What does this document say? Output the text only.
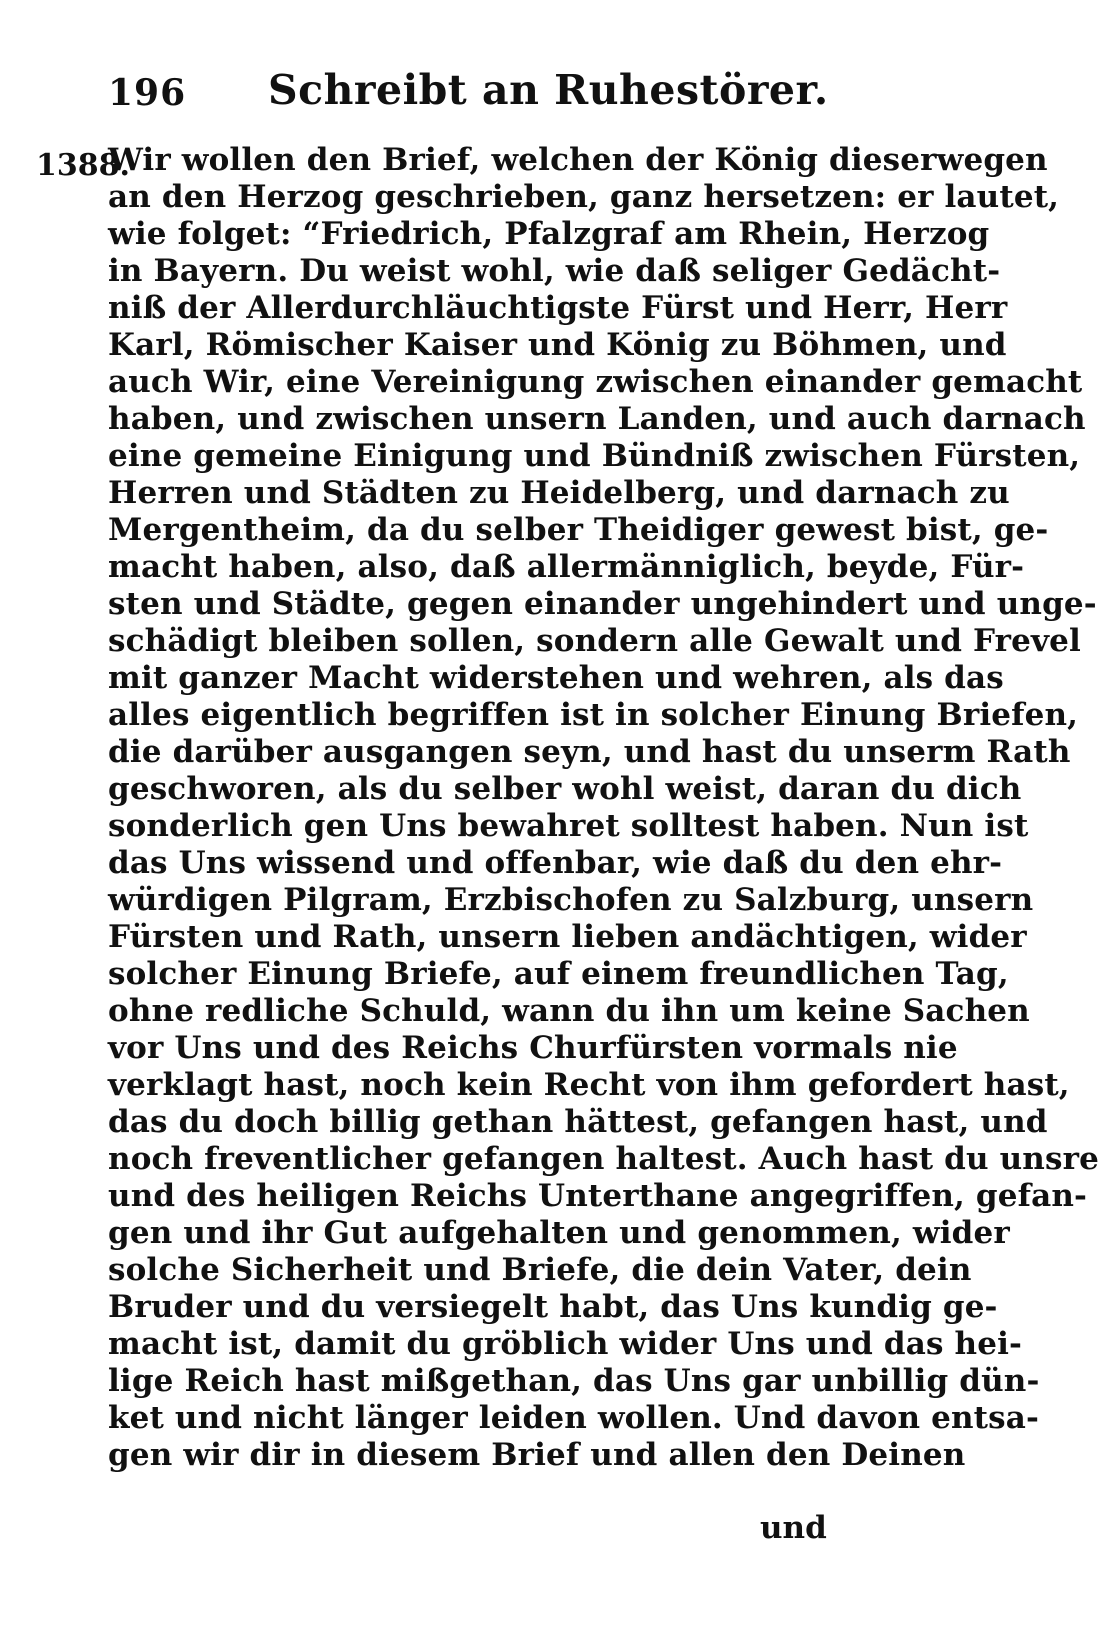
196 Schreibt an Ruhestörer.
1388.
Wir wollen den Brief, welchen der König dieserwegen
an den Herzog geschrieben, ganz hersetzen: er lautet,
wie folget: “Friedrich, Pfalzgraf am Rhein, Herzog
in Bayern. Du weist wohl, wie daß seliger Gedächt-
niß der Allerdurchläuchtigste Fürst und Herr, Herr
Karl, Römischer Kaiser und König zu Böhmen, und
auch Wir, eine Vereinigung zwischen einander gemacht
haben, und zwischen unsern Landen, und auch darnach
eine gemeine Einigung und Bündniß zwischen Fürsten,
Herren und Städten zu Heidelberg, und darnach zu
Mergentheim, da du selber Theidiger gewest bist, ge-
macht haben, also, daß allermänniglich, beyde, Für-
sten und Städte, gegen einander ungehindert und unge-
schädigt bleiben sollen, sondern alle Gewalt und Frevel
mit ganzer Macht widerstehen und wehren, als das
alles eigentlich begriffen ist in solcher Einung Briefen,
die darüber ausgangen seyn, und hast du unserm Rath
geschworen, als du selber wohl weist, daran du dich
sonderlich gen Uns bewahret solltest haben. Nun ist
das Uns wissend und offenbar, wie daß du den ehr-
würdigen Pilgram, Erzbischofen zu Salzburg, unsern
Fürsten und Rath, unsern lieben andächtigen, wider
solcher Einung Briefe, auf einem freundlichen Tag,
ohne redliche Schuld, wann du ihn um keine Sachen
vor Uns und des Reichs Churfürsten vormals nie
verklagt hast, noch kein Recht von ihm gefordert hast,
das du doch billig gethan hättest, gefangen hast, und
noch freventlicher gefangen haltest. Auch hast du unsre
und des heiligen Reichs Unterthane angegriffen, gefan-
gen und ihr Gut aufgehalten und genommen, wider
solche Sicherheit und Briefe, die dein Vater, dein
Bruder und du versiegelt habt, das Uns kundig ge-
macht ist, damit du gröblich wider Uns und das hei-
lige Reich hast mißgethan, das Uns gar unbillig dün-
ket und nicht länger leiden wollen. Und davon entsa-
gen wir dir in diesem Brief und allen den Deinen
und
